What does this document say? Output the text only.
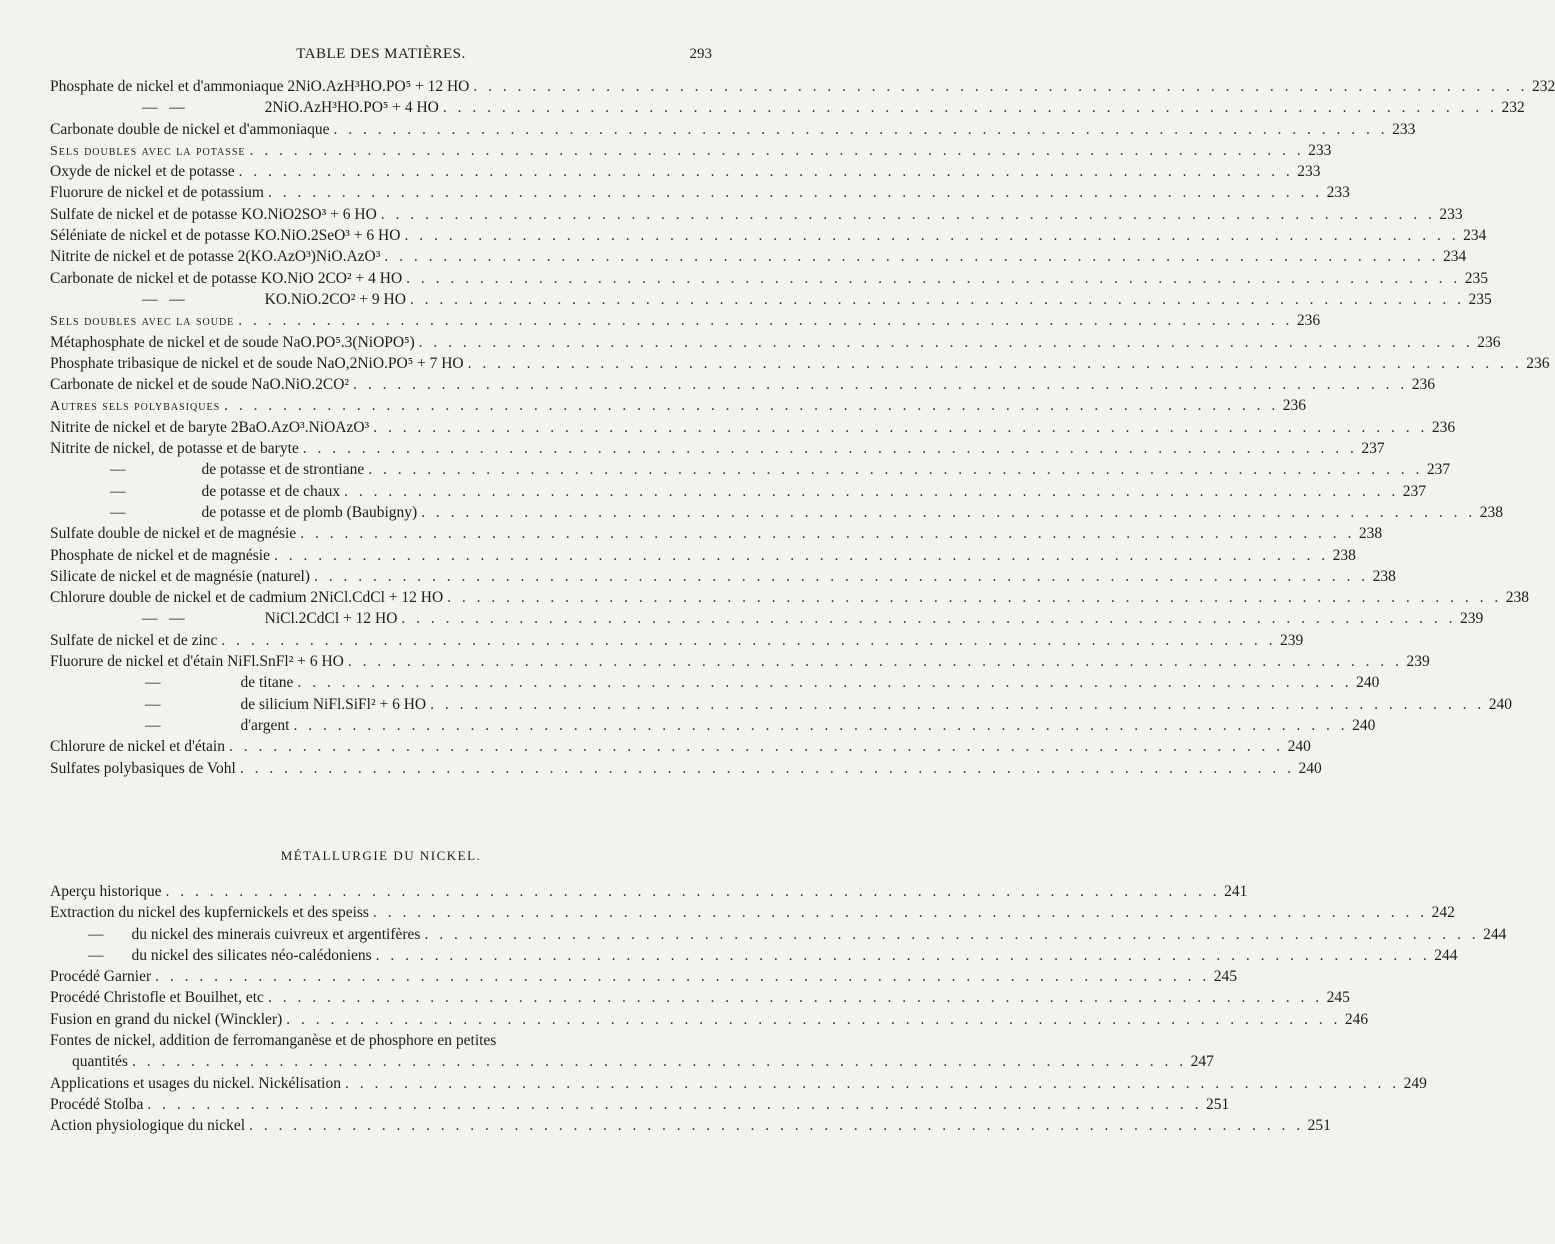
TABLE DES MATIÈRES.	293
Phosphate de nickel et d'ammoniaque 2NiO.AzH³HO.PO⁵ + 12 HO . . .	232
—   —	2NiO.AzH³HO.PO⁵ + 4 HO . . .	232
Carbonate double de nickel et d'ammoniaque . . .	233
Sels doubles avec la potasse . . .	233
Oxyde de nickel et de potasse . . .	233
Fluorure de nickel et de potassium . . .	233
Sulfate de nickel et de potasse KO.NiO2SO³ + 6 HO . . .	233
Séléniate de nickel et de potasse KO.NiO.2SeO³ + 6 HO . . .	234
Nitrite de nickel et de potasse 2(KO.AzO³)NiO.AzO³ . . .	234
Carbonate de nickel et de potasse KO.NiO 2CO² + 4 HO . . .	235
—   —	KO.NiO.2CO² + 9 HO . . .	235
Sels doubles avec la soude . . .	236
Métaphosphate de nickel et de soude NaO.PO⁵.3(NiOPO⁵) . . .	236
Phosphate tribasique de nickel et de soude NaO,2NiO.PO⁵ + 7 HO . . .	236
Carbonate de nickel et de soude NaO.NiO.2CO² . . .	236
Autres sels polybasiques . . .	236
Nitrite de nickel et de baryte 2BaO.AzO³.NiOAzO³ . . .	236
Nitrite de nickel, de potasse et de baryte . . .	237
—	de potasse et de strontiane . . .	237
—	de potasse et de chaux . . .	237
—	de potasse et de plomb (Baubigny) . . .	238
Sulfate double de nickel et de magnésie . . .	238
Phosphate de nickel et de magnésie . . .	238
Silicate de nickel et de magnésie (naturel) . . .	238
Chlorure double de nickel et de cadmium 2NiCl.CdCl + 12 HO . . .	238
—   —	NiCl.2CdCl + 12 HO . . .	239
Sulfate de nickel et de zinc . . .	239
Fluorure de nickel et d'étain NiFl.SnFl² + 6 HO . . .	239
—	de titane . . .	240
—	de silicium NiFl.SiFl² + 6 HO . . .	240
—	d'argent . . .	240
Chlorure de nickel et d'étain . . .	240
Sulfates polybasiques de Vohl . . .	240
MÉTALLURGIE DU NICKEL.
Aperçu historique . . .	241
Extraction du nickel des kupfernickels et des speiss . . .	242
— du nickel des minerais cuivreux et argentifères . . .	244
— du nickel des silicates néo-calédoniens . . .	244
Procédé Garnier . . .	245
Procédé Christofle et Bouilhet, etc . . .	245
Fusion en grand du nickel (Winckler) . . .	246
Fontes de nickel, addition de ferromanganèse et de phosphore en petites
quantités . . .	247
Applications et usages du nickel. Nickélisation . . .	249
Procédé Stolba . . .	251
Action physiologique du nickel . . .	251
